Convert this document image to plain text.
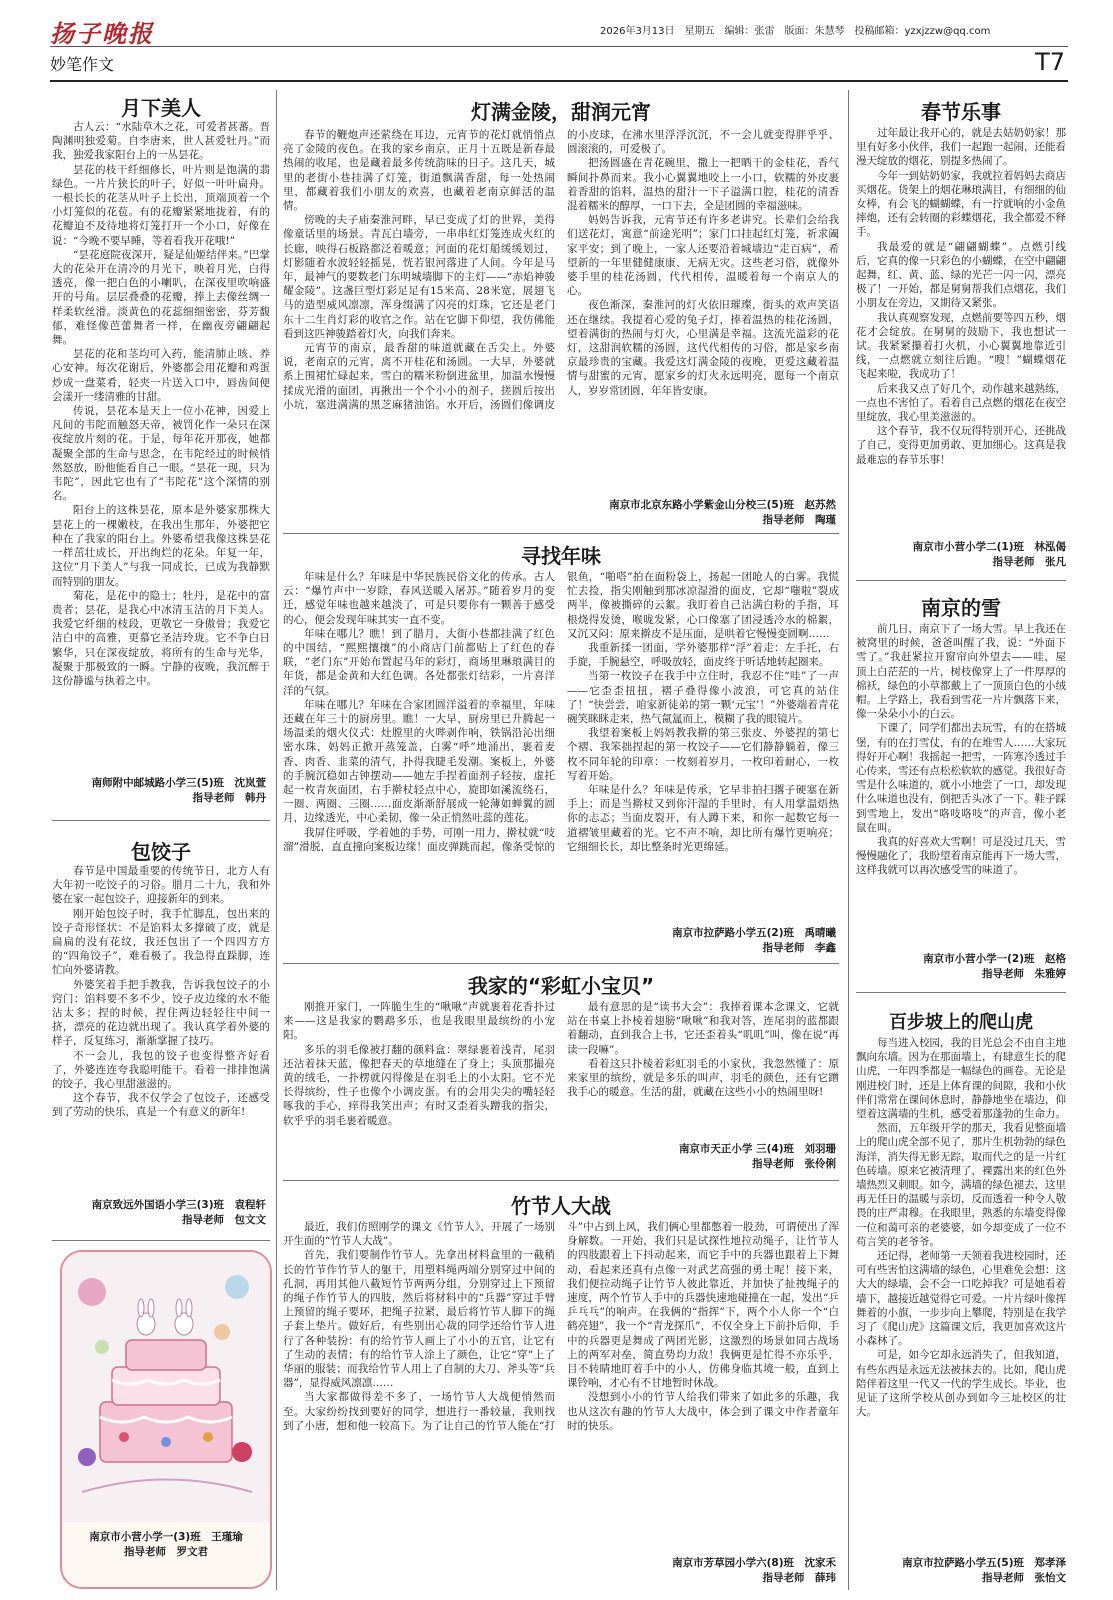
扬子晚报	2026年3月13日　星期五　编辑：张雷　版面：朱慧琴　投稿邮箱：yzxjzzw@qq.com
妙笔作文	T7
月下美人

古人云：“水陆草木之花，可爱者甚蕃。晋陶渊明独爱菊。自李唐来，世人甚爱牡丹。”而我，独爱我家阳台上的一丛昙花。

昙花的枝干纤细修长，叶片则是饱满的翡绿色。一片片狭长的叶子，好似一叶叶扁舟。一根长长的花茎从叶子上长出，顶端顶着一个小灯笼似的花苞。有的花瓣紧紧地拢着，有的花瓣迫不及待地将灯笼打开一个小口，好像在说：“今晚不要早睡，等着看我开花哦!”

“昙花庭院夜深开，疑是仙姬结伴来。”巴掌大的花朵开在清冷的月光下，映着月光，白得透亮，像一把白色的小喇叭，在深夜里吹响盛开的号角。层层叠叠的花瓣，捧上去像丝绸一样柔软丝滑。淡黄色的花蕊细细密密，芬芳馥郁，难怪像芭蕾舞者一样，在幽夜旁翩翩起舞。

昙花的花和茎均可入药，能清肺止咳、养心安神。每次花谢后，外婆都会用花瓣和鸡蛋炒成一盘菜肴，轻夹一片送入口中，唇齿间便会漾开一缕清雅的甘甜。

传说，昙花本是天上一位小花神，因爱上凡间的韦陀而触怒天帝，被罚化作一朵只在深夜绽放片刻的花。于是，每年花开那夜，她都凝聚全部的生命与思念，在韦陀经过的时候悄然怒放，盼他能看自己一眼。“昙花一现，只为韦陀”，因此它也有了“韦陀花”这个深情的别名。

阳台上的这株昙花，原本是外婆家那株大昙花上的一棵嫩枝，在我出生那年，外婆把它种在了我家的阳台上。外婆希望我像这株昙花一样茁壮成长，开出绚烂的花朵。年复一年，这位“月下美人”与我一同成长，已成为我静默而特别的朋友。

菊花，是花中的隐士；牡丹，是花中的富贵者；昙花，是我心中冰清玉洁的月下美人。我爱它纤细的枝段，更敬它一身傲骨；我爱它洁白中的高雅，更慕它圣洁玲珑。它不争白日繁华，只在深夜绽放，将所有的生命与光华，凝聚于那极致的一瞬。宁静的夜晚，我沉醉于这份静谧与执着之中。

南师附中邮城路小学三(5)班　沈岚萱
指导老师　韩丹
包饺子

春节是中国最重要的传统节日，北方人有大年初一吃饺子的习俗。腊月二十九，我和外婆在家一起包饺子，迎接新年的到来。

刚开始包饺子时，我手忙脚乱，包出来的饺子奇形怪状：不是馅料太多撑破了皮，就是扁扁的没有花纹，我还包出了一个四四方方的“四角饺子”，难看极了。我急得直跺脚，连忙向外婆请教。

外婆笑着手把手教我，告诉我包饺子的小窍门：馅料要不多不少，饺子皮边缘的水不能沾太多；捏的时候，捏住两边轻轻往中间一挤，漂亮的花边就出现了。我认真学着外婆的样子，反复练习，渐渐掌握了技巧。

不一会儿，我包的饺子也变得整齐好看了，外婆连连夸我聪明能干。看着一排排饱满的饺子，我心里甜滋滋的。

这个春节，我不仅学会了包饺子，还感受到了劳动的快乐，真是一个有意义的新年!

南京致远外国语小学三(3)班　袁程轩
指导老师　包文文
南京市小营小学一(3)班　王瑾瑜
指导老师　罗文君
灯满金陵，甜润元宵

春节的鞭炮声还萦绕在耳边，元宵节的花灯就悄悄点亮了金陵的夜色。在我的家乡南京，正月十五既是新春最热闹的收尾，也是藏着最多传统韵味的日子。这几天，城里的老街小巷挂满了灯笼，街道飘满香甜，每一处热闹里，都藏着我们小朋友的欢喜，也藏着老南京鲜活的温情。

傍晚的夫子庙秦淮河畔，早已变成了灯的世界，美得像童话里的场景。青瓦白墙旁，一串串红灯笼连成火红的长廊，映得石板路都泛着暖意；河面的花灯船缓缓划过，灯影随着水波轻轻摇晃，恍若银河落进了人间。今年是马年，最神气的要数老门东明城墙脚下的主灯——“赤焰神骏耀金陵”。这盏巨型灯彩足足有15米高、28米宽，展翅飞马的造型威风凛凛，浑身缀满了闪亮的灯珠，它还是老门东十二生肖灯彩的收官之作。站在它脚下仰望，我仿佛能看到这匹神骏踏着灯火，向我们奔来。

元宵节的南京，最香甜的味道就藏在舌尖上。外婆说，老南京的元宵，离不开桂花和汤圆。一大早，外婆就系上围裙忙碌起来，雪白的糯米粉倒进盆里，加温水慢慢揉成光滑的面团，再揪出一个个小小的剂子，搓圆后按出小坑，塞进满满的黑芝麻猪油馅。水开后，汤圆们像调皮的小皮球，在沸水里浮浮沉沉，不一会儿就变得胖乎乎、圆滚滚的，可爱极了。

把汤圆盛在青花碗里，撒上一把晒干的金桂花，香气瞬间扑鼻而来。我小心翼翼地咬上一小口，软糯的外皮裹着香甜的馅料，温热的甜汁一下子溢满口腔，桂花的清香混着糯米的醇厚，一口下去，全是团圆的幸福滋味。

妈妈告诉我，元宵节还有许多老讲究。长辈们会给我们送花灯，寓意“前途光明”；家门口挂起红灯笼，祈求阖家平安；到了晚上，一家人还要沿着城墙边“走百病”，希望新的一年里健健康康、无病无灾。这些老习俗，就像外婆手里的桂花汤圆，代代相传，温暖着每一个南京人的心。

夜色渐深，秦淮河的灯火依旧璀璨，街头的欢声笑语还在继续。我提着心爱的兔子灯，捧着温热的桂花汤圆，望着满街的热闹与灯火，心里满是幸福。这流光溢彩的花灯，这甜润软糯的汤圆，这代代相传的习俗，都是家乡南京最珍贵的宝藏。我爱这灯满金陵的夜晚，更爱这藏着温情与甜蜜的元宵，愿家乡的灯火永远明亮，愿每一个南京人，岁岁常团圆，年年皆安康。

南京市北京东路小学紫金山分校三(5)班　赵苏然
指导老师　陶瑾
寻找年味

年味是什么？年味是中华民族民俗文化的传承。古人云：“爆竹声中一岁除，春风送暖入屠苏。”随着岁月的变迁，感觉年味也越来越淡了，可是只要你有一颗善于感受的心，便会发现年味其实一直不变。

年味在哪儿？瞧！到了腊月，大街小巷都挂满了红色的中国结，“熙熙攘攘”的小商店门前都贴上了红色的春联，“老门东”开始布置起马年的彩灯，商场里琳琅满目的年货，都是金黄和大红色调。各处都张灯结彩，一片喜洋洋的气氛。

年味在哪儿？年味在合家团圆洋溢着的幸福里，年味还藏在年三十的厨房里。瞧！一大早，厨房里已升腾起一场温柔的烟火仪式：灶膛里的火哔剥作响，铁锅沿沁出细密水珠，妈妈正掀开蒸笼盖，白雾“呼”地涌出，裹着麦香、肉香、韭菜的清气，扑得我睫毛发潮。案板上，外婆的手腕沉稳如古钟摆动——她左手捏着面剂子轻按，虚托起一枚青灰面团，右手擀杖轻点中心，旋即如溪流绕石，一圈、两圈、三圈……面皮渐渐舒展成一轮薄如蝉翼的圆月，边缘透光，中心柔韧，像一朵正悄然吐蕊的莲花。

我屏住呼吸，学着她的手势，可刚一用力，擀杖就“吱溜”滑脱，直直撞向案板边缘！面皮弹跳而起，像条受惊的银鱼，“啪嗒”拍在面粉袋上，扬起一团呛人的白雾。我慌忙去捡，指尖刚触到那冰凉湿滑的面皮，它却“嗤啦”裂成两半，像被撕碎的云絮。我盯着自己沾满白粉的手指，耳根烧得发烫，喉咙发紧，心口像塞了团浸透冷水的棉絮，又沉又闷：原来擀皮不是压面，是哄着它慢慢变圆啊……

我重新揉一团面，学外婆那样“浮”着走：左手托，右手旋，手腕悬空，呼吸放轻，面皮终于听话地转起圈来。

当第一枚饺子在我手中立住时，我忍不住“哇”了一声——它歪歪扭扭，褶子叠得像小波浪，可它真的站住了！“快尝尝，咱家新徒弟的第一颗‘元宝’！”外婆端着青花碗笑眯眯走来，热气氤氲而上，模糊了我的眼镜片。

我望着案板上妈妈教我擀的第三张皮、外婆捏的第七个褶、我笨拙捏起的第一枚饺子——它们静静躺着，像三枚不同年轮的印章：一枚刻着岁月，一枚印着耐心，一枚写着开始。

年味是什么？年味是传承，它早非拍扫撂子硬塞在新手上；而是当擀杖又到你汗湿的手里时，有人用掌温焐热你的忐忑；当面皮裂开，有人蹲下来，和你一起数它每一道褶皱里藏着的光。它不声不响，却比所有爆竹更响亮；它细细长长，却比整条时光更绵延。

南京市拉萨路小学五(2)班　禹晴曦
指导老师　李鑫
我家的“彩虹小宝贝”

刚推开家门，一阵脆生生的“啾啾”声就裹着花香扑过来——这是我家的鹦鹉多乐，也是我眼里最缤纷的小宠阳。

多乐的羽毛像被打翻的颜料盒：翠绿裹着浅青，尾羽还沾着抹天蓝，像把春天的草地缝在了身上；头顶那撮亮黄的绒毛，一扑楞就闪得像是在羽毛上的小太阳。它不光长得缤纷，性子也像个小调皮蛋。有的会用尖尖的嘴轻轻啄我的手心，痒得我笑出声；有时又歪着头蹭我的指尖，软乎乎的羽毛裹着暖意。

最有意思的是“读书大会”：我捧着课本念课文，它就站在书桌上扑棱着翅膀“啾啾”和我对答，连尾羽的蓝都跟着翻动，直到我合上书，它还歪着头“叽叽”叫，像在说“再读一段嘛”。

看着这只扑棱着彩虹羽毛的小家伙，我忽然懂了：原来家里的缤纷，就是多乐的叫声，羽毛的颜色，还有它蹭我手心的暖意。生活的甜，就藏在这些小小的热闹里呀!

南京市天正小学 三(4)班　刘羽珊
指导老师　张伶俐
竹节人大战

最近，我们仿照刚学的课文《竹节人》，开展了一场别开生面的“竹节人大战”。

首先，我们要制作竹节人。先拿出材料盒里的一截稍长的竹节作竹节人的躯干，用塑料绳两端分别穿过中间的孔洞，再用其他八截短竹节两两分组，分别穿过上下预留的绳子作竹节人的四肢，然后将材料中的“兵器”穿过手臂上预留的绳子要环，把绳子拉紧，最后将竹节人脚下的绳子套上垫片。做好后，有些别出心裁的同学还给竹节人进行了各种装扮：有的给竹节人画上了小小的五官，让它有了生动的表情；有的给竹节人涂上了颜色，让它“穿”上了华丽的服装；而我给竹节人用上了自制的大刀、斧头等“兵器”，显得威风凛凛……

当大家都做得差不多了，一场竹节人大战便悄然而至。大家纷纷找到要好的同学，想进行一番较量，我则找到了小唐，想和他一较高下。为了让自己的竹节人能在“打斗”中占到上风，我们俩心里都憋着一股劲，可谓使出了浑身解数。一开始，我们只是试探性地拉动绳子，让竹节人的四肢跟着上下抖动起来，而它手中的兵器也跟着上下舞动，看起来还真有点像一对武艺高强的勇士呢！接下来，我们便拉动绳子让竹节人彼此靠近，并加快了扯拽绳子的速度，两个竹节人手中的兵器快速地碰撞在一起，发出“乒乒乓乓”的响声。在我俩的“指挥”下，两个小人你一个“白鹤亮翅”，我一个“青龙探爪”，不仅全身上下前扑后仰，手中的兵器更是舞成了两团光影，这激烈的场景如同古战场上的两军对垒，简直势均力敌！我俩更是忙得不亦乐乎，目不转睛地盯着手中的小人，仿佛身临其境一般，直到上课铃响，才心有不甘地暂时休战。

没想到小小的竹节人给我们带来了如此多的乐趣，我也从这次有趣的竹节人大战中，体会到了课文中作者童年时的快乐。

南京市芳草园小学六(8)班　沈家禾
指导老师　薛玮
春节乐事

过年最让我开心的，就是去姑奶奶家！那里有好多小伙伴，我们一起跑一起闹，还能看漫天绽放的烟花，别提多热闹了。

今年一到姑奶奶家，我就拉着妈妈去商店买烟花。货架上的烟花琳琅满目，有细细的仙女棒，有会飞的蝴蝴蝶，有一拧就响的小金鱼摔炮，还有会转圈的彩蝶烟花，我全都爱不释手。

我最爱的就是“翩翩蝴蝶”。点燃引线后，它真的像一只彩色的小蝴蝶，在空中翩翩起舞，红、黄、蓝、绿的光芒一闪一闪，漂亮极了！一开始，都是舅舅帮我们点烟花，我们小朋友在旁边，又期待又紧张。

我认真观察发现，点燃前要等四五秒，烟花才会绽放。在舅舅的鼓励下，我也想试一试。我紧紧攥着打火机，小心翼翼地靠近引线，一点燃就立刻往后跑。“嗖！”蝴蝶烟花飞起来啦，我成功了！

后来我又点了好几个，动作越来越熟练，一点也不害怕了。看着自己点燃的烟花在夜空里绽放，我心里美滋滋的。

这个春节，我不仅玩得特别开心，还挑战了自己，变得更加勇敢、更加细心。这真是我最难忘的春节乐事！

南京市小营小学二(1)班　林泓偈
指导老师　张凡
南京的雪

前几日，南京下了一场大雪。早上我还在被窝里的时候，爸爸叫醒了我，说：“外面下雪了。”我赶紧拉开窗帘向外望去——哇，屋顶上白茫茫的一片，树枝像穿上了一件厚厚的棉袄，绿色的小草都戴上了一顶顶白色的小绒帽。上学路上，我看到雪花一片片飘落下来，像一朵朵小小的白云。

下课了，同学们都出去玩雪，有的在搭城堡，有的在打雪仗，有的在堆雪人……大家玩得好开心啊！我摇起一把雪，一阵寒冷透过手心传来，雪还有点松松软软的感觉。我很好奇雪是什么味道的，就小小地尝了一口，却发现什么味道也没有，倒把舌头冰了一下。鞋子踩到雪地上，发出“咯吱咯吱”的声音，像小老鼠在叫。

我真的好喜欢大雪啊！可是没过几天，雪慢慢融化了，我盼望着南京能再下一场大雪，这样我就可以再次感受雪的味道了。

南京市小营小学一(2)班　赵格
指导老师　朱雅婷
百步坡上的爬山虎

每当进入校园，我的目光总会不由自主地飘向东墙。因为在那面墙上，有肆意生长的爬山虎，一年四季都是一幅绿色的画卷。无论是刚进校门时，还是上体育课的间隙，我和小伙伴们常常在课间休息时，静静地坐在墙边，仰望着这满墙的生机，感受着那蓬勃的生命力。

然而，五年级开学的那天，我看见整面墙上的爬山虎全部不见了，那片生机勃勃的绿色海洋，消失得无影无踪，取而代之的是一片红色砖墙。原来它被清理了，裸露出来的红色外墙热烈又刺眼。如今，满墙的绿色褪去，这里再无任日的温暖与亲切，反而透着一种令人敬畏的庄严肃穆。在我眼里，熟悉的东墙变得像一位和蔼可亲的老婆婆，如今却变成了一位不苟言笑的老爷爷。

还记得，老师第一天领着我进校园时，还可有些害怕这满墙的绿色，心里难免会想：这大大的绿墙，会不会一口吃掉我？可是她看着墙下，越接近越觉得它可爱。一片片绿叶像挥舞着的小旗，一步步向上攀爬，特别是在我学习了《爬山虎》这篇课文后，我更加喜欢这片小森林了。

可是，如今它却永远消失了，但我知道，有些东西是永远无法被抹去的。比如，爬山虎陪伴着这里一代又一代的学生成长。毕业，也见证了这所学校从创办到如今三址校区的壮大。

南京市拉萨路小学五(5)班　郑孝泽
指导老师　张怡文
